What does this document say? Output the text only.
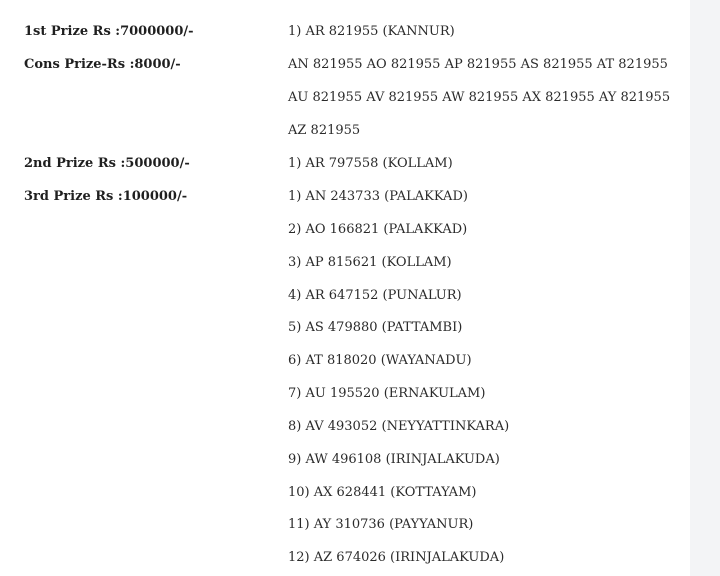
1st Prize Rs :7000000/-	1) AR 821955 (KANNUR)
Cons Prize-Rs :8000/-	AN 821955 AO 821955 AP 821955 AS 821955 AT 821955
AU 821955 AV 821955 AW 821955 AX 821955 AY 821955
AZ 821955
2nd Prize Rs :500000/-	1) AR 797558 (KOLLAM)
3rd Prize Rs :100000/-	1) AN 243733 (PALAKKAD)
2) AO 166821 (PALAKKAD)
3) AP 815621 (KOLLAM)
4) AR 647152 (PUNALUR)
5) AS 479880 (PATTAMBI)
6) AT 818020 (WAYANADU)
7) AU 195520 (ERNAKULAM)
8) AV 493052 (NEYYATTINKARA)
9) AW 496108 (IRINJALAKUDA)
10) AX 628441 (KOTTAYAM)
11) AY 310736 (PAYYANUR)
12) AZ 674026 (IRINJALAKUDA)
